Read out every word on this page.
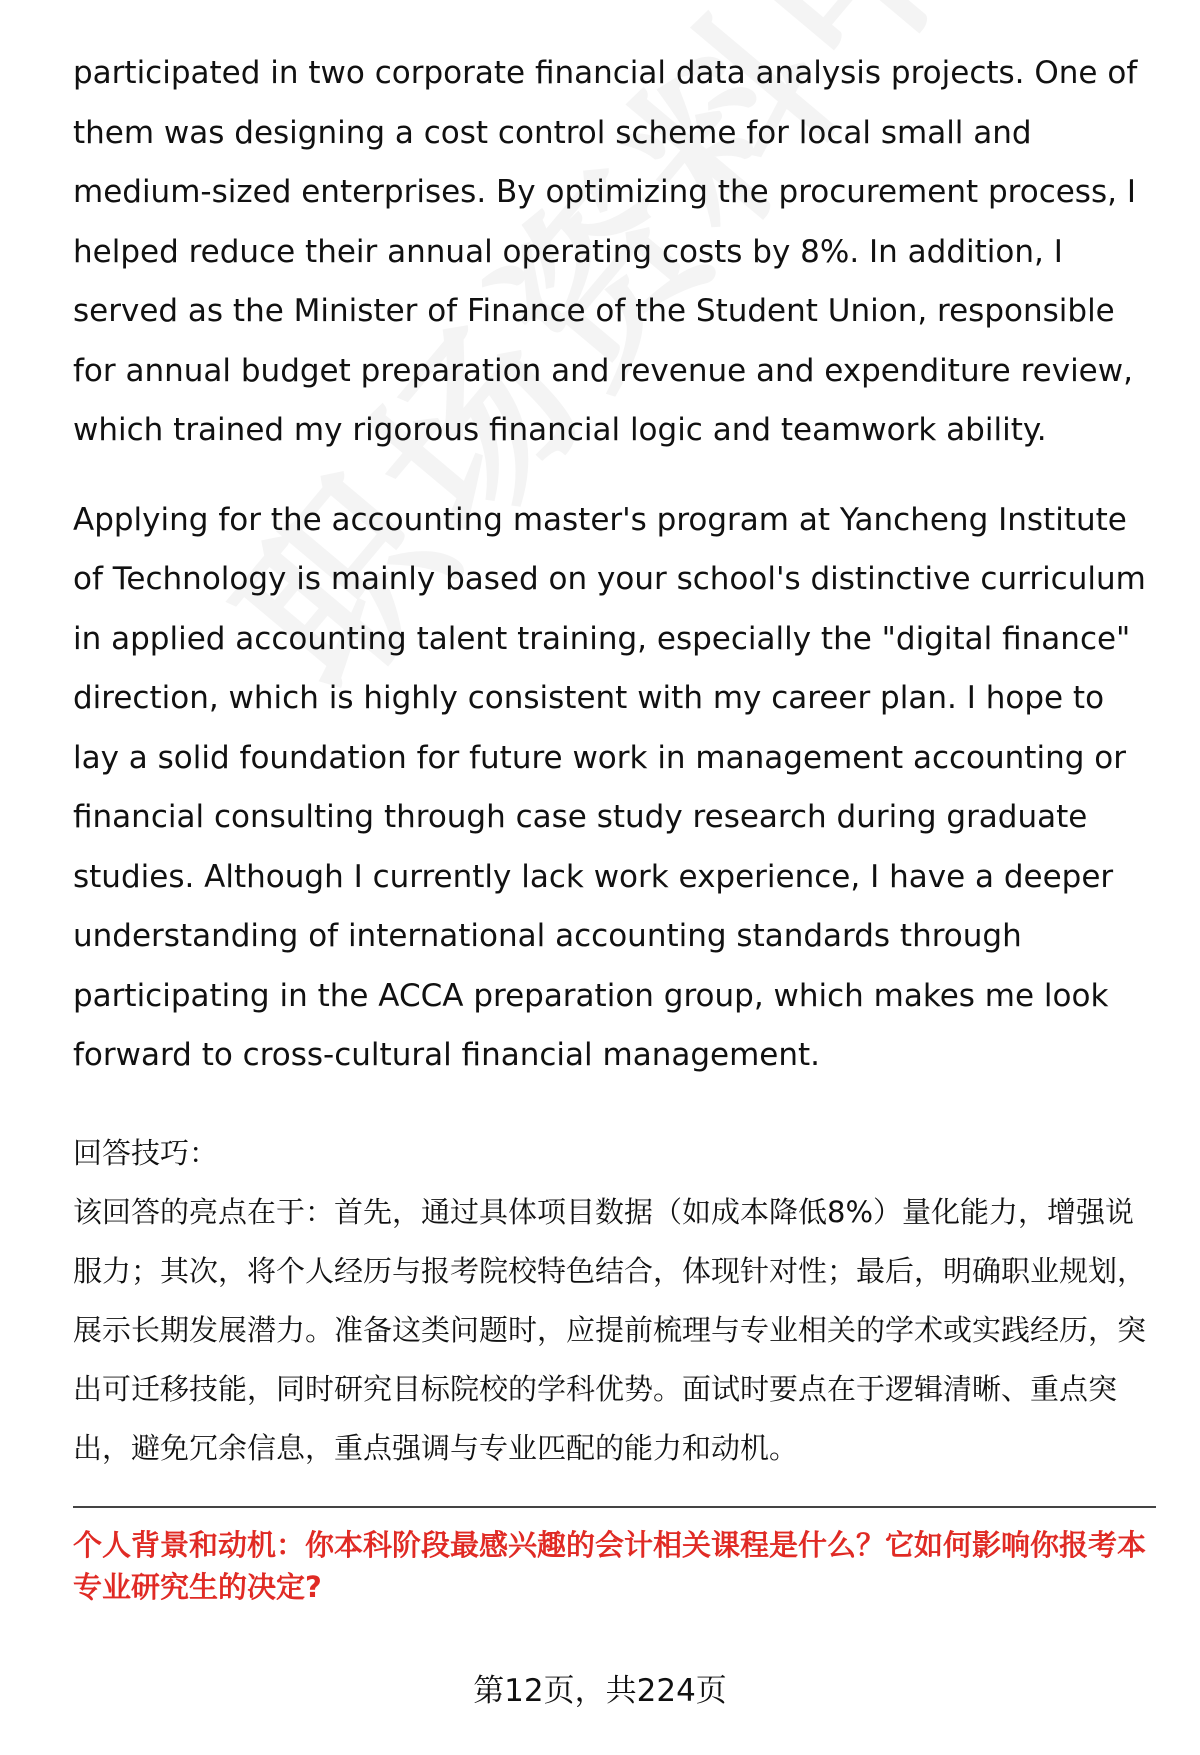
participated in two corporate financial data analysis projects. One of them was designing a cost control scheme for local small and medium-sized enterprises. By optimizing the procurement process, I helped reduce their annual operating costs by 8%. In addition, I served as the Minister of Finance of the Student Union, responsible for annual budget preparation and revenue and expenditure review, which trained my rigorous financial logic and teamwork ability.

Applying for the accounting master's program at Yancheng Institute of Technology is mainly based on your school's distinctive curriculum in applied accounting talent training, especially the "digital finance" direction, which is highly consistent with my career plan. I hope to lay a solid foundation for future work in management accounting or financial consulting through case study research during graduate studies. Although I currently lack work experience, I have a deeper understanding of international accounting standards through participating in the ACCA preparation group, which makes me look forward to cross-cultural financial management.

回答技巧：

该回答的亮点在于：首先，通过具体项目数据（如成本降低8%）量化能力，增强说服力；其次，将个人经历与报考院校特色结合，体现针对性；最后，明确职业规划，展示长期发展潜力。准备这类问题时，应提前梳理与专业相关的学术或实践经历，突出可迁移技能，同时研究目标院校的学科优势。面试时要点在于逻辑清晰、重点突出，避免冗余信息，重点强调与专业匹配的能力和动机。

个人背景和动机：你本科阶段最感兴趣的会计相关课程是什么？它如何影响你报考本专业研究生的决定?
第12页，共224页
